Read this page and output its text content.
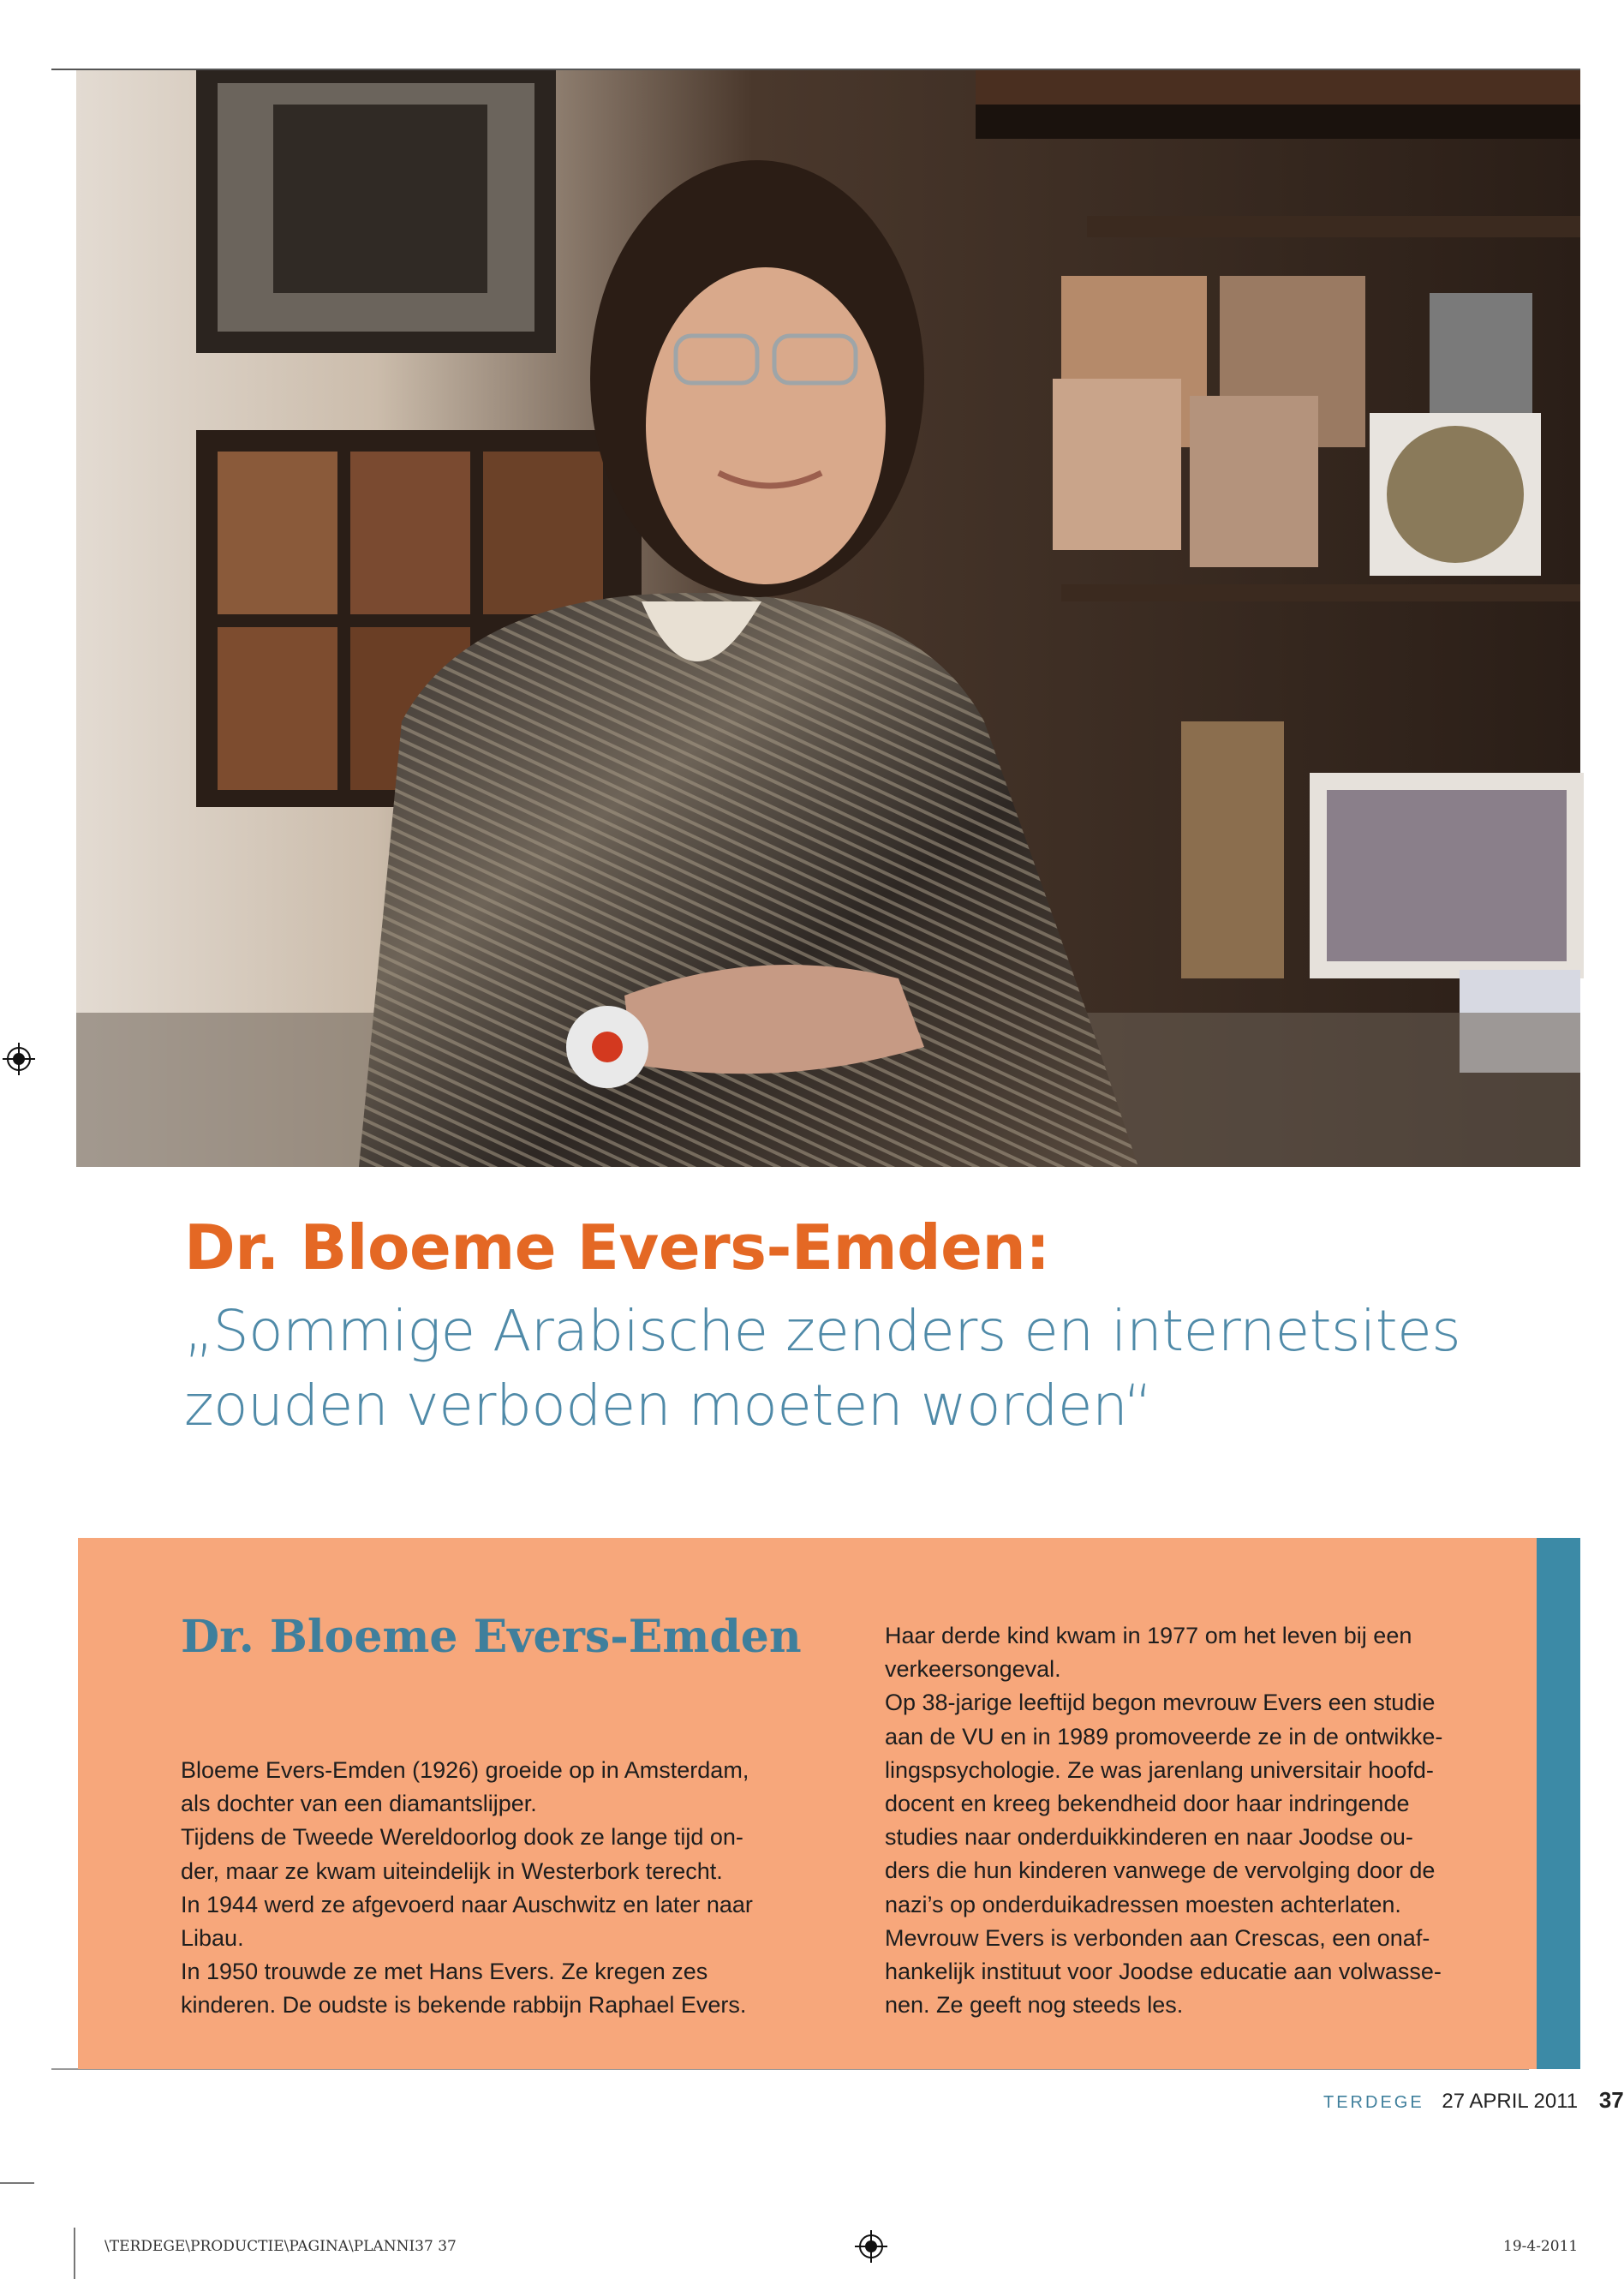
Dr. Bloeme Evers-Emden:
„Sommige Arabische zenders en internetsites zouden verboden moeten worden“
Dr. Bloeme Evers-Emden

Bloeme Evers-Emden (1926) groeide op in Amsterdam,

als dochter van een diamantslijper.

Tijdens de Tweede Wereldoorlog dook ze lange tijd on-

der, maar ze kwam uiteindelijk in Westerbork terecht.

In 1944 werd ze afgevoerd naar Auschwitz en later naar

Libau.

In 1950 trouwde ze met Hans Evers. Ze kregen zes

kinderen. De oudste is bekende rabbijn Raphael Evers.

Haar derde kind kwam in 1977 om het leven bij een

verkeersongeval.

Op 38-jarige leeftijd begon mevrouw Evers een studie

aan de VU en in 1989 promoveerde ze in de ontwikke-

lingspsychologie. Ze was jarenlang universitair hoofd-

docent en kreeg bekendheid door haar indringende

studies naar onderduikkinderen en naar Joodse ou-

ders die hun kinderen vanwege de vervolging door de

nazi’s op onderduikadressen moesten achterlaten.

Mevrouw Evers is verbonden aan Crescas, een onaf-

hankelijk instituut voor Joodse educatie aan volwasse-

nen. Ze geeft nog steeds les.

TERDEGE 27 APRIL 2011 37
\TERDEGE\PRODUCTIE\PAGINA\PLANNI37 37	19-4-2011
